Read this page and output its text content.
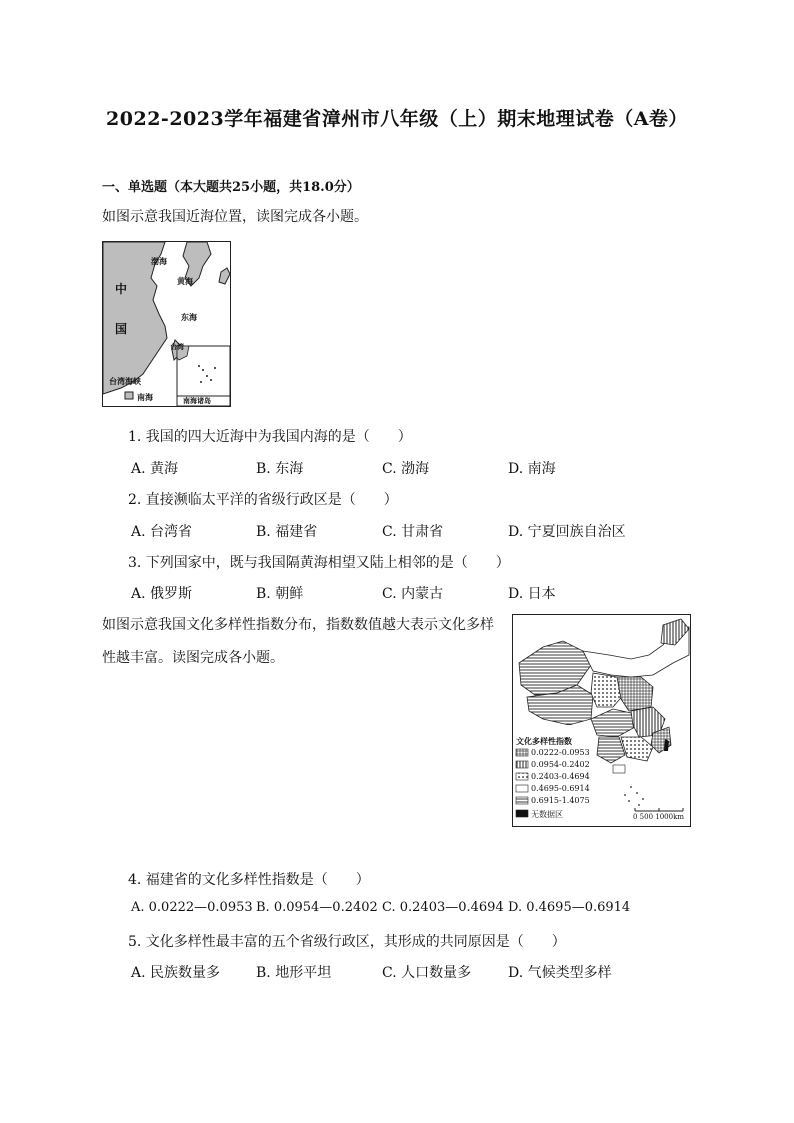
2022-2023学年福建省漳州市八年级（上）期末地理试卷（A卷）
一、单选题（本大题共25小题，共18.0分）
如图示意我国近海位置，读图完成各小题。
中
国
渤海
黄海
东海
台湾
台湾海峡
南海	南海诸岛
1. 我国的四大近海中为我国内海的是（　　）
A. 黄海	B. 东海	C. 渤海	D. 南海
2. 直接濒临太平洋的省级行政区是（　　）
A. 台湾省	B. 福建省	C. 甘肃省	D. 宁夏回族自治区
3. 下列国家中，既与我国隔黄海相望又陆上相邻的是（　　）
A. 俄罗斯	B. 朝鲜	C. 内蒙古	D. 日本
如图示意我国文化多样性指数分布，指数数值越大表示文化多样
性越丰富。读图完成各小题。
文化多样性指数
0.0222-0.0953
0.0954-0.2402
0.2403-0.4694
0.4695-0.6914
0.6915-1.4075
无数据区	0 500 1000km
4. 福建省的文化多样性指数是（　　）
A. 0.0222—0.0953 B. 0.0954—0.2402 C. 0.2403—0.4694 D. 0.4695—0.6914
5. 文化多样性最丰富的五个省级行政区，其形成的共同原因是（　　）
A. 民族数量多	B. 地形平坦	C. 人口数量多	D. 气候类型多样
